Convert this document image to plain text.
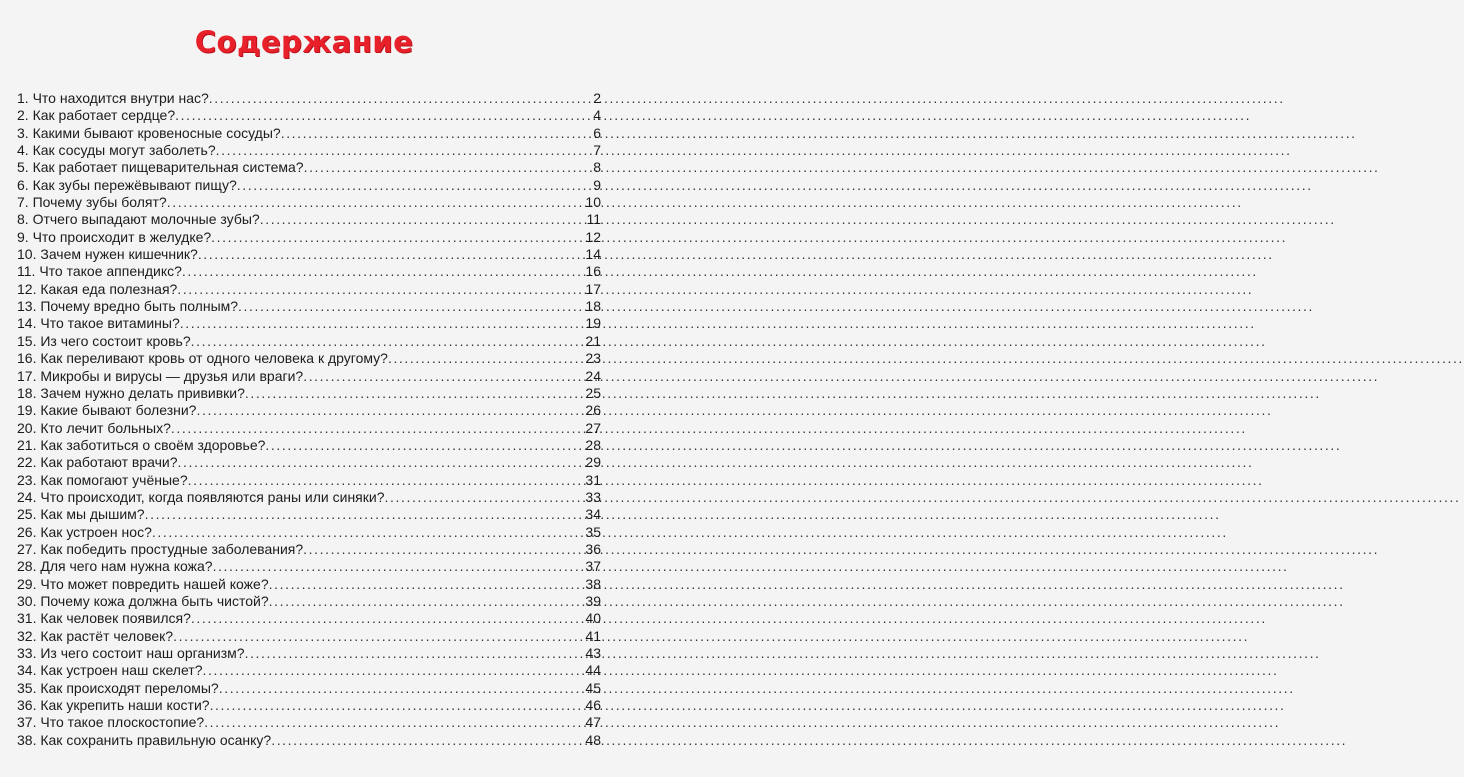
Содержание
1.
Что находится внутри нас? .....	2
2.
Как работает сердце? .....	4
3.
Какими бывают кровеносные сосуды? .....	6
4.
Как сосуды могут заболеть? .....	7
5.
Как работает пищеварительная система? .....	8
6.
Как зубы пережёвывают пищу? .....	9
7.
Почему зубы болят? .....	10
8.
Отчего выпадают молочные зубы? .....	11
9.
Что происходит в желудке? .....	12
10.
Зачем нужен кишечник? .....	14
11.
Что такое аппендикс? .....	16
12.
Какая еда полезная? .....	17
13.
Почему вредно быть полным? .....	18
14.
Что такое витамины? .....	19
15.
Из чего состоит кровь? .....	21
16.
Как переливают кровь от одного человека к другому? .....	23
17.
Микробы и вирусы — друзья или враги? .....	24
18.
Зачем нужно делать прививки? .....	25
19.
Какие бывают болезни? .....	26
20.
Кто лечит больных? .....	27
21.
Как заботиться о своём здоровье? .....	28
22.
Как работают врачи? .....	29
23.
Как помогают учёные? .....	31
24.
Что происходит, когда появляются раны или синяки? .....	33
25.
Как мы дышим? .....	34
26.
Как устроен нос? .....	35
27.
Как победить простудные заболевания? .....	36
28.
Для чего нам нужна кожа? .....	37
29.
Что может повредить нашей коже? .....	38
30.
Почему кожа должна быть чистой? .....	39
31.
Как человек появился? .....	40
32.
Как растёт человек? .....	41
33.
Из чего состоит наш организм? .....	43
34.
Как устроен наш скелет? .....	44
35.
Как происходят переломы? .....	45
36.
Как укрепить наши кости? .....	46
37.
Что такое плоскостопие? .....	47
38.
Как сохранить правильную осанку? .....	48
